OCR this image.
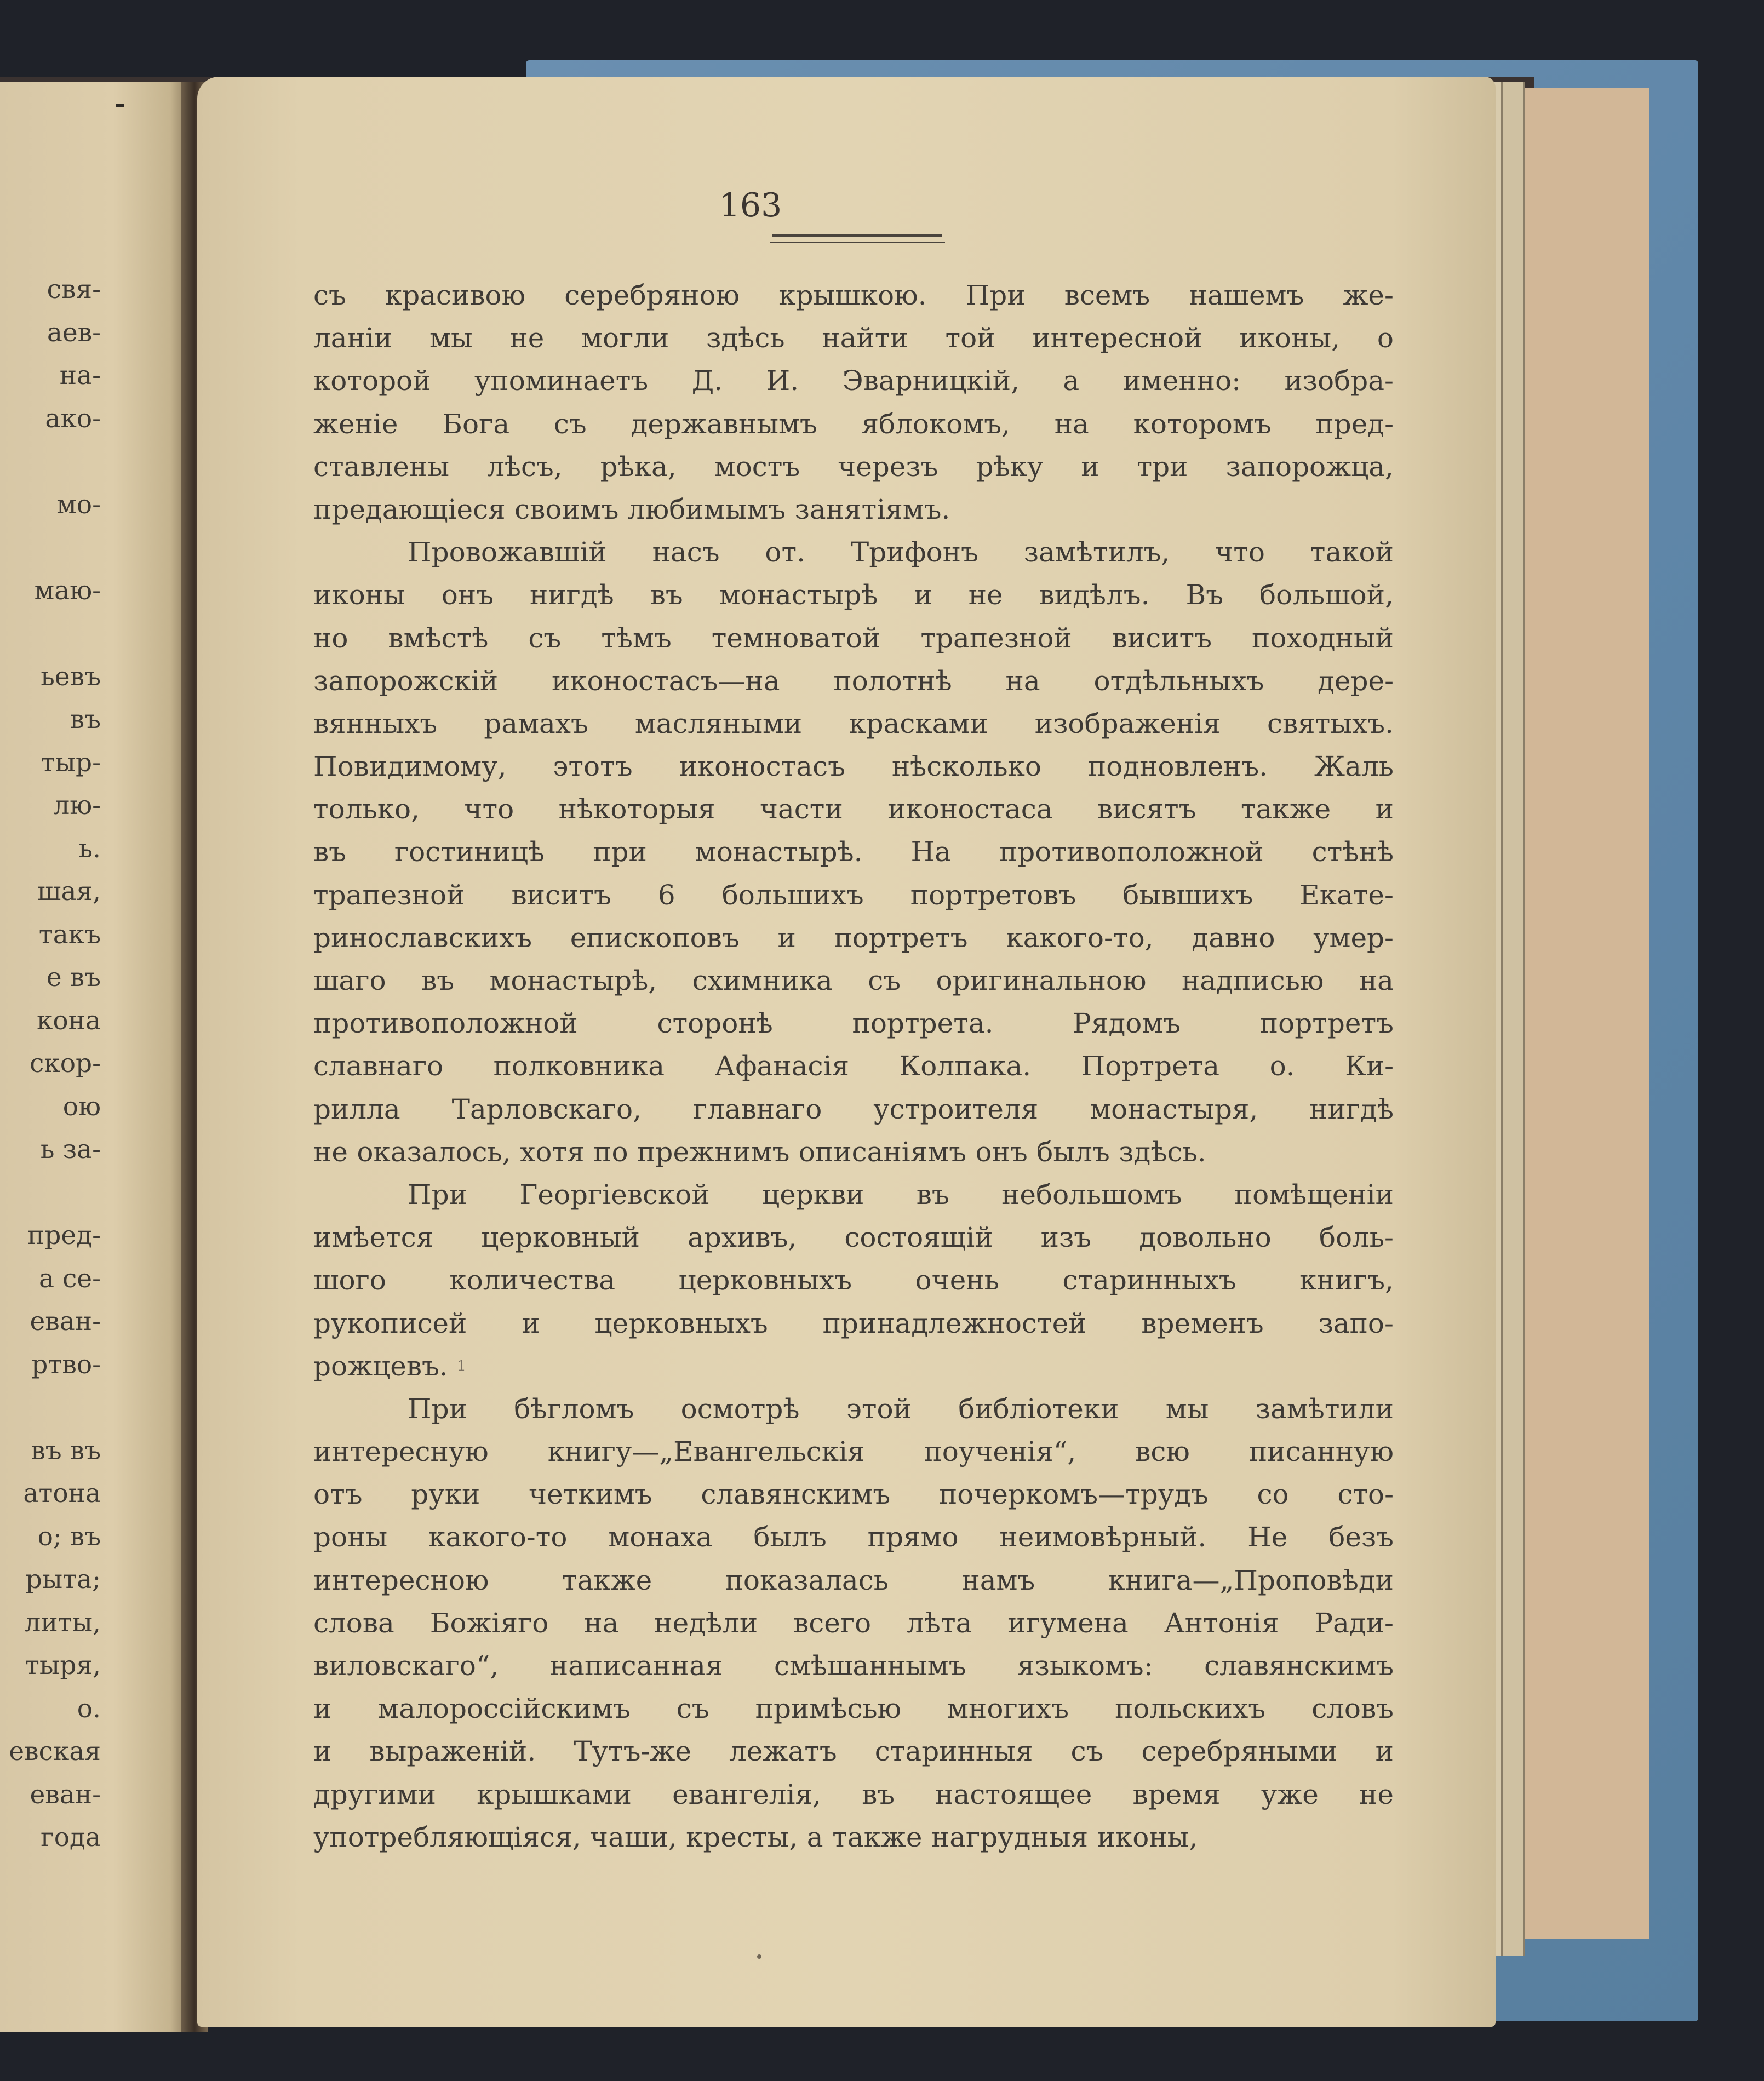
свя-
аев-
на-
ако-
мо-
маю-
ьевъ
въ
тыр-
лю-
ь.
шая,
такъ
е въ
кона
скор-
ою
ь за-
пред-
а се-
еван-
ртво-
въ въ
атона
о; въ
рыта;
литы,
тыря,
о.
евская
еван-
года
163
съ красивою серебряною крышкою. При всемъ нашемъ же-
ланіи мы не могли здѣсь найти той интересной иконы, о
которой упоминаетъ Д. И. Эварницкій, а именно: изобра-
женіе Бога съ державнымъ яблокомъ, на которомъ пред-
ставлены лѣсъ, рѣка, мостъ черезъ рѣку и три запорожца,
предающіеся своимъ любимымъ занятіямъ.
Провожавшій насъ от. Трифонъ замѣтилъ, что такой
иконы онъ нигдѣ въ монастырѣ и не видѣлъ. Въ большой,
но вмѣстѣ съ тѣмъ темноватой трапезной виситъ походный
запорожскій иконостасъ—на полотнѣ на отдѣльныхъ дере-
вянныхъ рамахъ масляными красками изображенія святыхъ.
Повидимому, этотъ иконостасъ нѣсколько подновленъ. Жаль
только, что нѣкоторыя части иконостаса висятъ также и
въ гостиницѣ при монастырѣ. На противоположной стѣнѣ
трапезной виситъ 6 большихъ портретовъ бывшихъ Екате-
ринославскихъ епископовъ и портретъ какого-то, давно умер-
шаго въ монастырѣ, схимника съ оригинальною надписью на
противоположной	сторонѣ	портрета.	Рядомъ	портретъ
славнаго полковника Афанасія Колпака. Портрета о. Ки-
рилла Тарловскаго, главнаго устроителя монастыря, нигдѣ
не оказалось, хотя по прежнимъ описаніямъ онъ былъ здѣсь.
При Георгіевской церкви въ небольшомъ помѣщеніи
имѣется церковный архивъ, состоящій изъ довольно боль-
шого количества церковныхъ очень старинныхъ книгъ,
рукописей и церковныхъ принадлежностей временъ запо-
рожцевъ. 1
При бѣгломъ осмотрѣ этой библіотеки мы замѣтили
интересную книгу—„Евангельскія поученія“, всю писанную
отъ руки четкимъ славянскимъ почеркомъ—трудъ со сто-
роны какого-то монаха былъ прямо неимовѣрный. Не безъ
интересною	также	показалась	намъ	книга—„Проповѣди
слова Божіяго на недѣли всего лѣта игумена Антонія Ради-
виловскаго“, написанная смѣшаннымъ языкомъ: славянскимъ
и малороссійскимъ съ примѣсью многихъ польскихъ словъ
и выраженій. Тутъ-же лежатъ старинныя съ серебряными и
другими крышками евангелія, въ настоящее время уже не
употребляющіяся, чаши, кресты, а также нагрудныя иконы,
